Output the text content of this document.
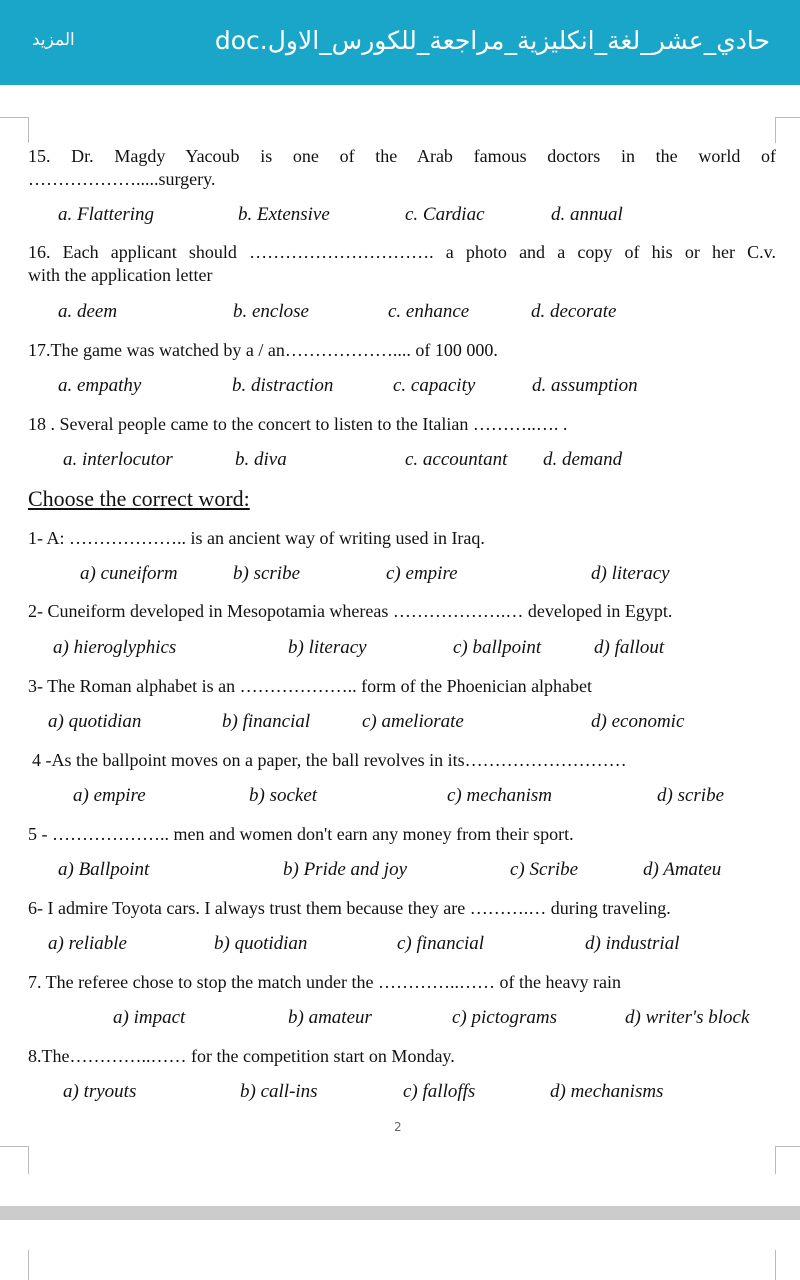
المزيد	حادي_عشر_لغة_انكليزية_مراجعة_للكورس_الاول.doc
15. Dr. Magdy Yacoub is one of the Arab famous doctors in the world of
……………….....surgery.
a. Flattering	b. Extensive	c. Cardiac	d. annual
16. Each applicant should …………………………. a photo and a copy of his or her C.v.
with the application letter
a. deem	b. enclose	c. enhance	d. decorate
17.The game was watched by a / an……………….... of 100 000.
a. empathy	b. distraction	c. capacity	d. assumption
18 . Several people came to the concert to listen to the Italian ………..…. .
a. interlocutor	b. diva	c. accountant d. demand
Choose the correct word:
1- A: ……………….. is an ancient way of writing used in Iraq.
a) cuneiform	b) scribe	c) empire	d) literacy
2- Cuneiform developed in Mesopotamia whereas ……………….… developed in Egypt.
a) hieroglyphics	b) literacy	c) ballpoint	d) fallout
3- The Roman alphabet is an ……………….. form of the Phoenician alphabet
a) quotidian	b) financial	c) ameliorate	d) economic
4 -As the ballpoint moves on a paper, the ball revolves in its………………………
a) empire	b) socket	c) mechanism	d) scribe
5 - ……………….. men and women don't earn any money from their sport.
a) Ballpoint	b) Pride and joy	c) Scribe	d) Amateu
6- I admire Toyota cars. I always trust them because they are ……….… during traveling.
a) reliable	b) quotidian	c) financial	d) industrial
7. The referee chose to stop the match under the …………..…… of the heavy rain
a) impact	b) amateur	c) pictograms	d) writer's block
8.The…………..…… for the competition start on Monday.
a) tryouts	b) call-ins	c) falloffs	d) mechanisms
2
